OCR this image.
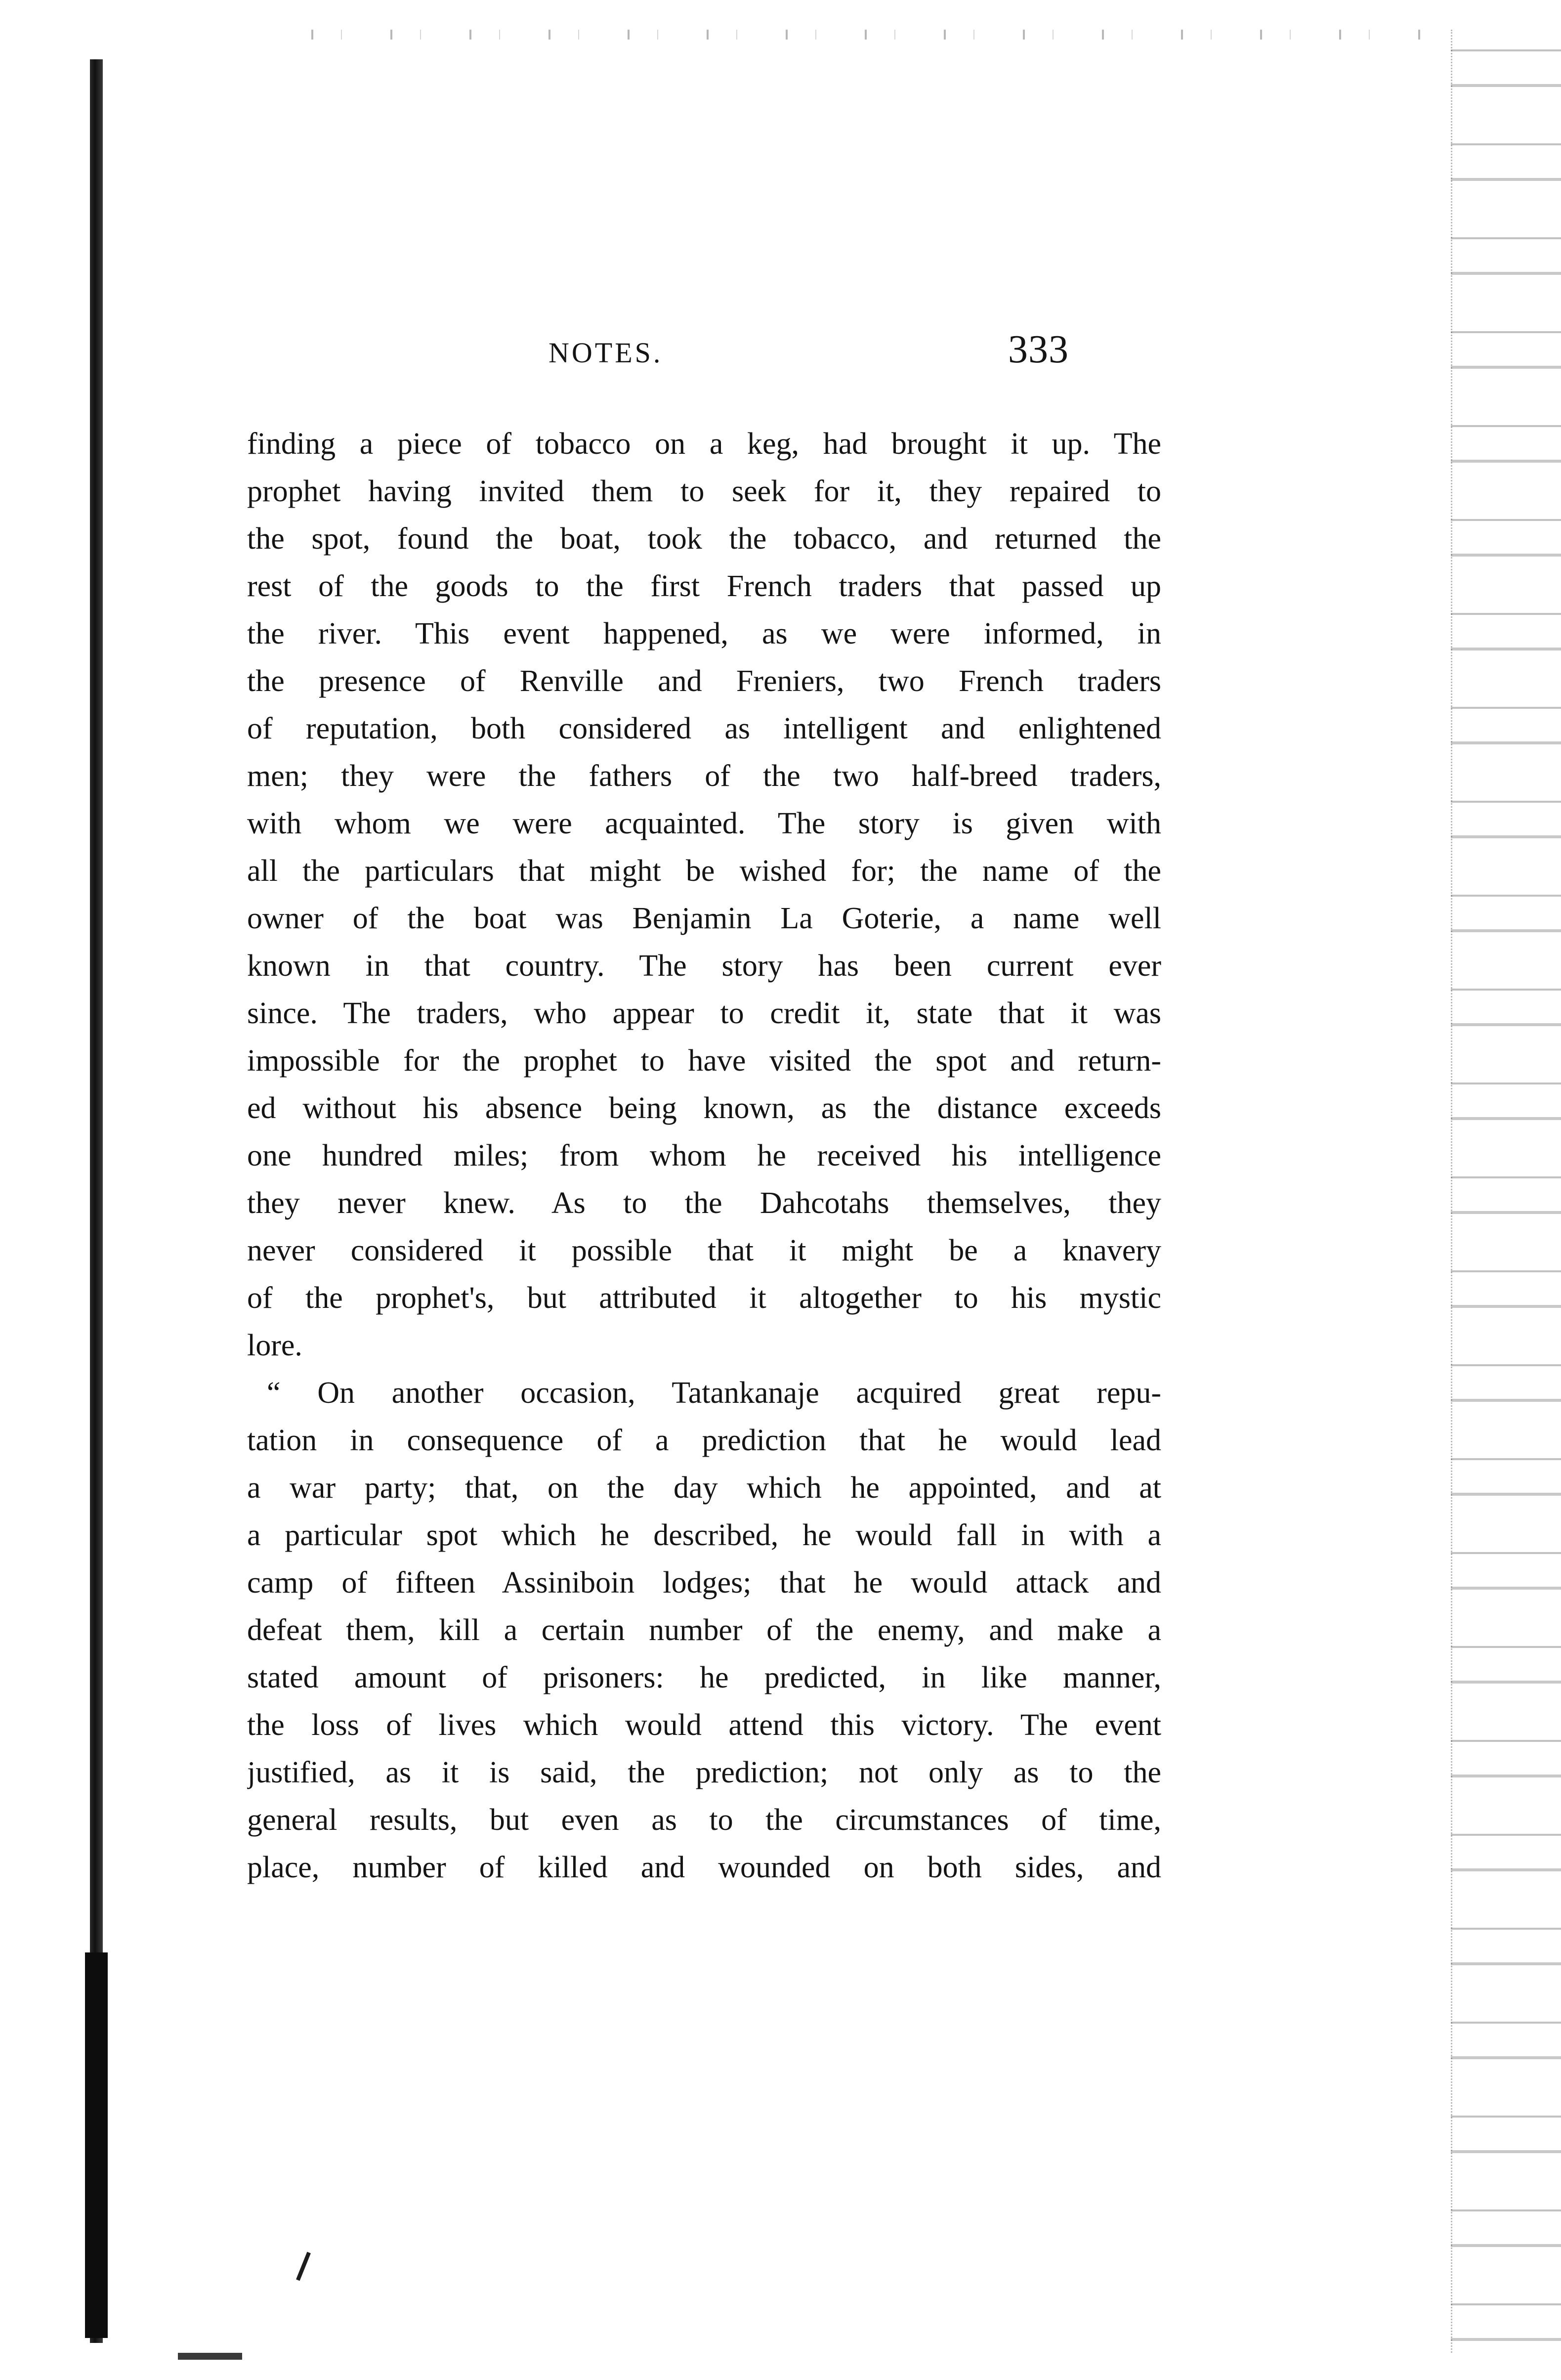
NOTES.	333
finding a piece of tobacco on a keg, had brought it up. The
prophet having invited them to seek for it, they repaired to
the spot, found the boat, took the tobacco, and returned the
rest of the goods to the first French traders that passed up
the river. This event happened, as we were informed, in
the presence of Renville and Freniers, two French traders
of reputation, both considered as intelligent and enlightened
men; they were the fathers of the two half-breed traders,
with whom we were acquainted. The story is given with
all the particulars that might be wished for; the name of the
owner of the boat was Benjamin La Goterie, a name well
known in that country. The story has been current ever
since. The traders, who appear to credit it, state that it was
impossible for the prophet to have visited the spot and return-
ed without his absence being known, as the distance exceeds
one hundred miles; from whom he received his intelligence
they never knew. As to the Dahcotahs themselves, they
never considered it possible that it might be a knavery
of the prophet's, but attributed it altogether to his mystic
lore.
“ On another occasion, Tatankanaje acquired great repu-
tation in consequence of a prediction that he would lead
a war party; that, on the day which he appointed, and at
a particular spot which he described, he would fall in with a
camp of fifteen Assiniboin lodges; that he would attack and
defeat them, kill a certain number of the enemy, and make a
stated amount of prisoners: he predicted, in like manner,
the loss of lives which would attend this victory. The event
justified, as it is said, the prediction; not only as to the
general results, but even as to the circumstances of time,
place, number of killed and wounded on both sides, and
